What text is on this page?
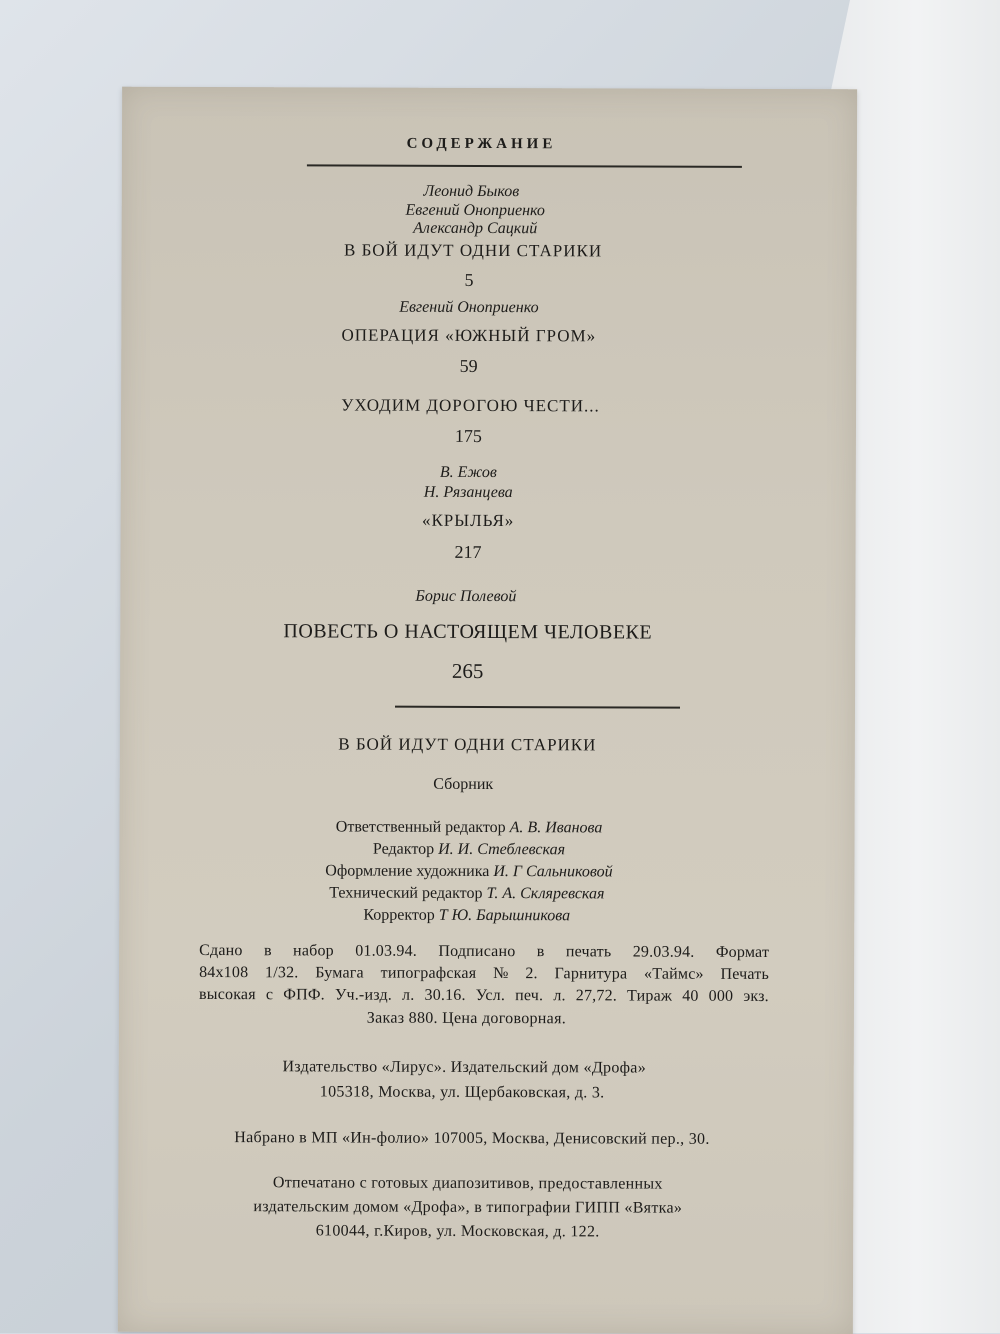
СОДЕРЖАНИЕ
Леонид Быков
Евгений Оноприенко
Александр Сацкий
В БОЙ ИДУТ ОДНИ СТАРИКИ
5
Евгений Оноприенко
ОПЕРАЦИЯ «ЮЖНЫЙ ГРОМ»
59
УХОДИМ ДОРОГОЮ ЧЕСТИ...
175
В. Ежов
Н. Рязанцева
«КРЫЛЬЯ»
217
Борис Полевой
ПОВЕСТЬ О НАСТОЯЩЕМ ЧЕЛОВЕКЕ
265
В БОЙ ИДУТ ОДНИ СТАРИКИ
Сборник
Ответственный редактор А. В. Иванова
Редактор И. И. Стеблевская
Оформление художника И. Г Сальниковой
Технический редактор Т. А. Скляревская
Корректор Т Ю. Барышникова
Сдано в набор 01.03.94. Подписано в печать 29.03.94. Формат
84х108 1/32. Бумага типографская № 2. Гарнитура «Таймс» Печать
высокая с ФПФ. Уч.-изд. л. 30.16. Усл. печ. л. 27,72. Тираж 40 000 экз.
Заказ 880. Цена договорная.
Издательство «Лирус». Издательский дом «Дрофа»
105318, Москва, ул. Щербаковская, д. 3.
Набрано в МП «Ин-фолио» 107005, Москва, Денисовский пер., 30.
Отпечатано с готовых диапозитивов, предоставленных
издательским домом «Дрофа», в типографии ГИПП «Вятка»
610044, г.Киров, ул. Московская, д. 122.
